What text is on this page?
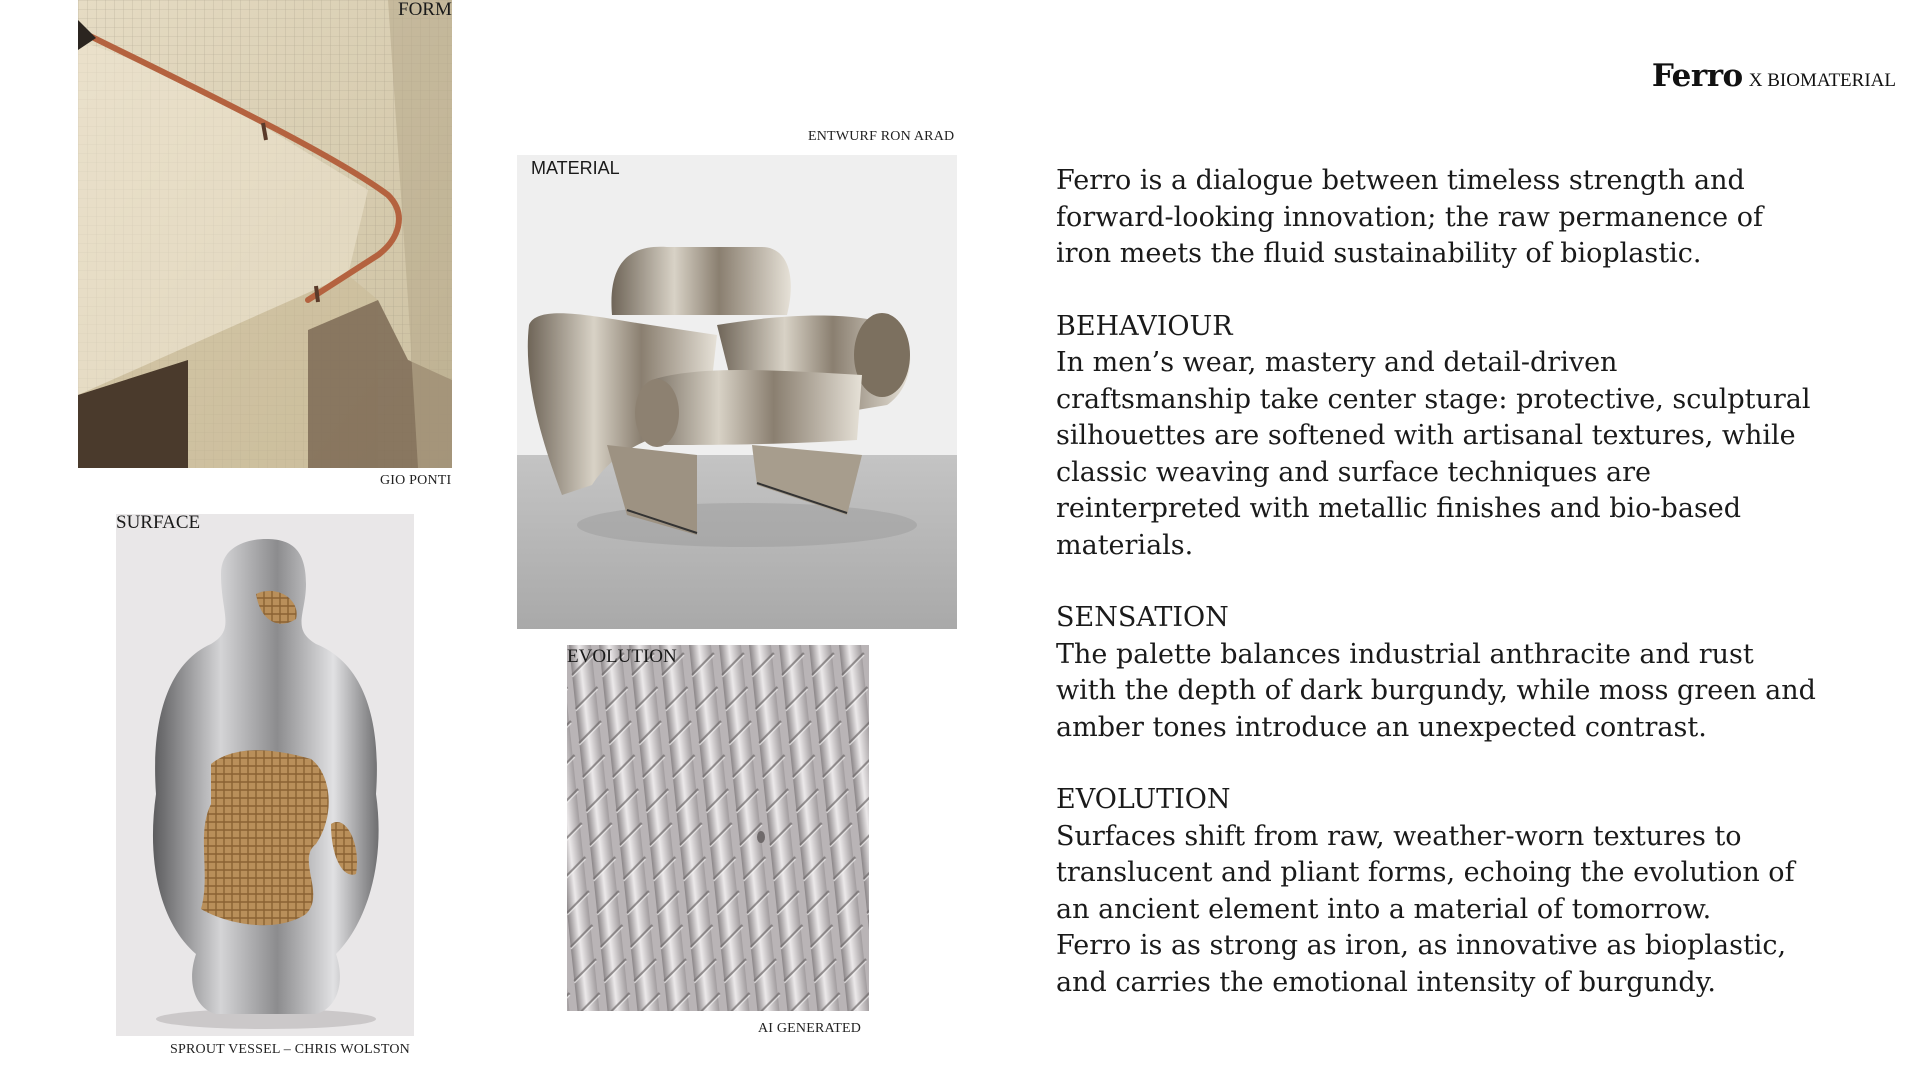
Ferro X BIOMATERIAL
FORM
GIO PONTI
ENTWURF RON ARAD
MATERIAL
SURFACE
SPROUT VESSEL – CHRIS WOLSTON
EVOLUTION
AI GENERATED

Ferro is a dialogue between timeless strength and forward-looking innovation; the raw permanence of iron meets the fluid sustainability of bioplastic.

BEHAVIOUR

In men’s wear, mastery and detail-driven craftsmanship take center stage: protective, sculptural silhouettes are softened with artisanal textures, while classic weaving and surface techniques are reinterpreted with metallic finishes and bio-based materials.

SENSATION

The palette balances industrial anthracite and rust with the depth of dark burgundy, while moss green and amber tones introduce an unexpected contrast.

EVOLUTION

Surfaces shift from raw, weather-worn textures to translucent and pliant forms, echoing the evolution of an ancient element into a material of tomorrow.

Ferro is as strong as iron, as innovative as bioplastic, and carries the emotional intensity of burgundy.
